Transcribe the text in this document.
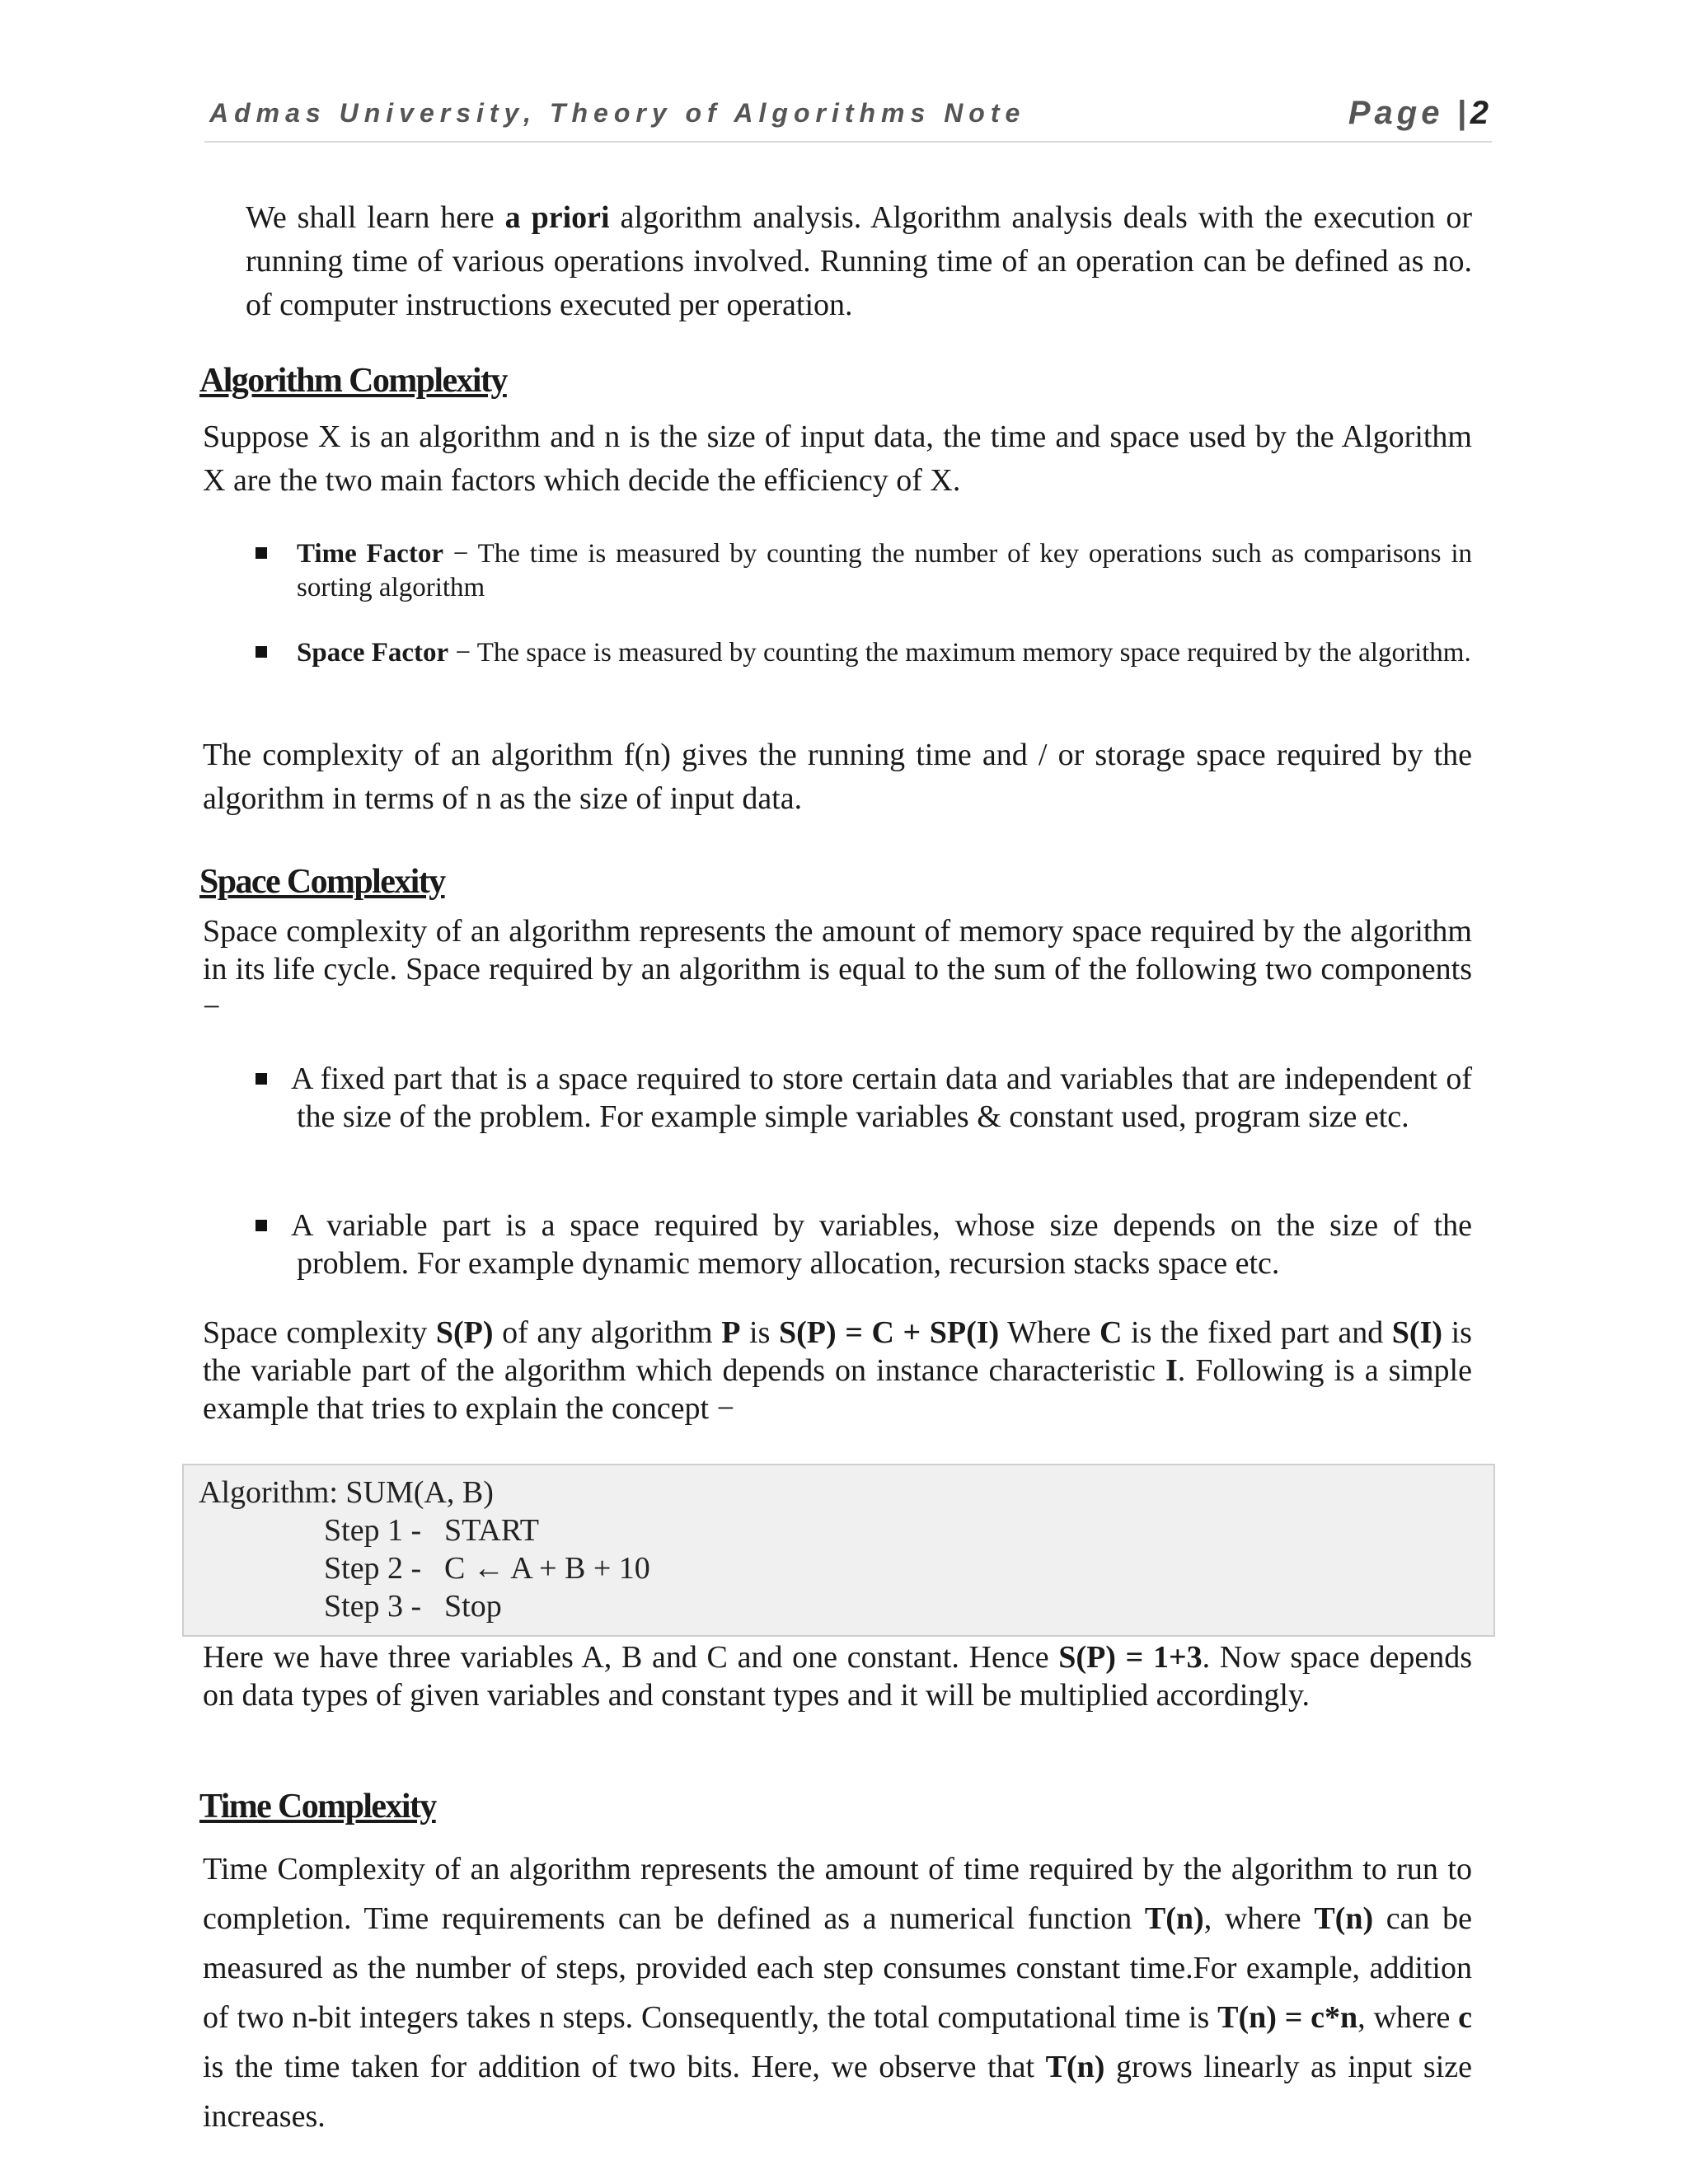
Admas University, Theory of Algorithms Note	Page |2
We shall learn here a priori algorithm analysis. Algorithm analysis deals with the execution or running time of various operations involved. Running time of an operation can be defined as no. of computer instructions executed per operation.
Algorithm Complexity
Suppose X is an algorithm and n is the size of input data, the time and space used by the Algorithm X are the two main factors which decide the efficiency of X.
Time Factor − The time is measured by counting the number of key operations such as comparisons in sorting algorithm
Space Factor − The space is measured by counting the maximum memory space required by the algorithm.
The complexity of an algorithm f(n) gives the running time and / or storage space required by the algorithm in terms of n as the size of input data.
Space Complexity
Space complexity of an algorithm represents the amount of memory space required by the algorithm in its life cycle. Space required by an algorithm is equal to the sum of the following two components −
A fixed part that is a space required to store certain data and variables that are independent of the size of the problem. For example simple variables & constant used, program size etc.
A variable part is a space required by variables, whose size depends on the size of the problem. For example dynamic memory allocation, recursion stacks space etc.
Space complexity S(P) of any algorithm P is S(P) = C + SP(I) Where C is the fixed part and S(I) is the variable part of the algorithm which depends on instance characteristic I. Following is a simple example that tries to explain the concept −
Algorithm: SUM(A, B)
Step 1 - START
Step 2 - C ← A + B + 10
Step 3 - Stop
Here we have three variables A, B and C and one constant. Hence S(P) = 1+3. Now space depends on data types of given variables and constant types and it will be multiplied accordingly.
Time Complexity
Time Complexity of an algorithm represents the amount of time required by the algorithm to run to completion. Time requirements can be defined as a numerical function T(n), where T(n) can be measured as the number of steps, provided each step consumes constant time.For example, addition of two n-bit integers takes n steps. Consequently, the total computational time is T(n) = c*n, where c is the time taken for addition of two bits. Here, we observe that T(n) grows linearly as input size increases.
